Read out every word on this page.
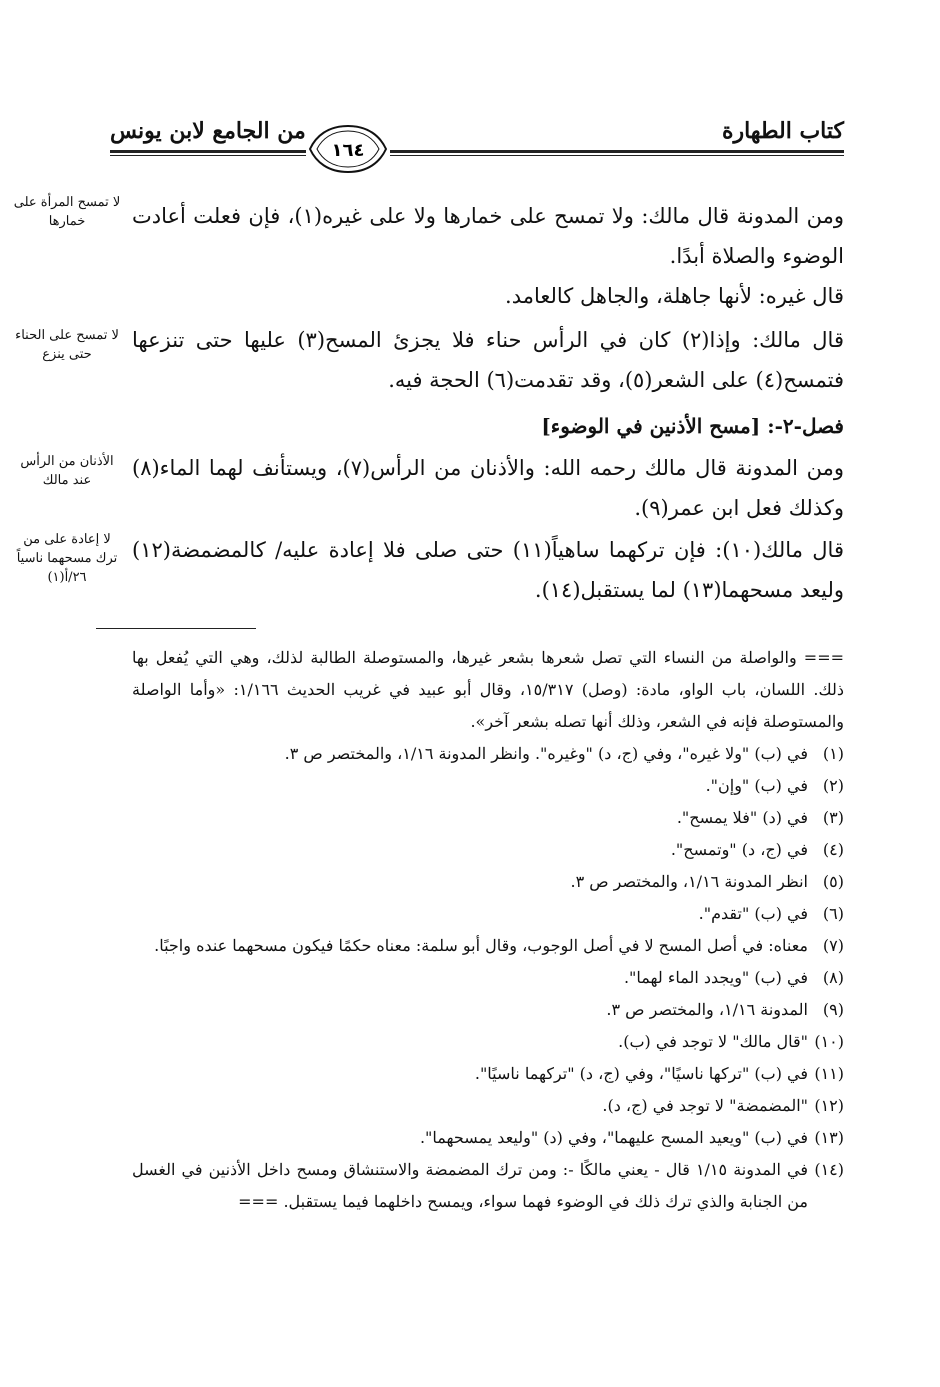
كتاب الطهارة
من الجامع لابن يونس
١٦٤

ومن المدونة قال مالك: ولا تمسح على خمارها ولا على غيره(١)، فإن فعلت أعادت الوضوء والصلاة أبدًا.

قال غيره: لأنها جاهلة، والجاهل كالعامد.

قال مالك: وإذا(٢) كان في الرأس حناء فلا يجزئ المسح(٣) عليها حتى تنزعها فتمسح(٤) على الشعر(٥)، وقد تقدمت(٦) الحجة فيه.

فصل-٢-: [مسح الأذنين في الوضوء]

ومن المدونة قال مالك رحمه الله: والأذنان من الرأس(٧)، ويستأنف لهما الماء(٨) وكذلك فعل ابن عمر(٩).

قال مالك(١٠): فإن تركهما ساهياً(١١) حتى صلى فلا إعادة عليه/ كالمضمضة(١٢) وليعد مسحهما(١٣) لما يستقبل(١٤).

لا تمسح المرأة على خمارها
لا تمسح على الحناء حتى ينزع
الأذنان من الرأس عند مالك
لا إعادة على من ترك مسحهما ناسياً ٢٦/أ(١)
=== والواصلة من النساء التي تصل شعرها بشعر غيرها، والمستوصلة الطالبة لذلك، وهي التي يُفعل بها ذلك. اللسان، باب الواو، مادة: (وصل) ١٥/٣١٧، وقال أبو عبيد في غريب الحديث ١/١٦٦: «وأما الواصلة والمستوصلة فإنه في الشعر، وذلك أنها تصله بشعر آخر».
(١)
في (ب) "ولا غيره"، وفي (ج، د) "وغيره". وانظر المدونة ١/١٦، والمختصر ص ٣.
(٢)
في (ب) "وإن".
(٣)
في (د) "فلا يمسح".
(٤)
في (ج، د) "وتمسح".
(٥)
انظر المدونة ١/١٦، والمختصر ص ٣.
(٦)
في (ب) "تقدم".
(٧)
معناه: في أصل المسح لا في أصل الوجوب، وقال أبو سلمة: معناه حكمًا فيكون مسحهما عنده واجبًا.
(٨)
في (ب) "ويجدد الماء لهما".
(٩)
المدونة ١/١٦، والمختصر ص ٣.
(١٠)
"قال مالك" لا توجد في (ب).
(١١)
في (ب) "تركها ناسيًا"، وفي (ج، د) "تركهما ناسيًا".
(١٢)
"المضمضة" لا توجد في (ج، د).
(١٣)
في (ب) "ويعيد المسح عليهما"، وفي (د) "وليعد يمسحهما".
(١٤)
في المدونة ١/١٥ قال - يعني مالكًا -: ومن ترك المضمضة والاستنشاق ومسح داخل الأذنين في الغسل من الجنابة والذي ترك ذلك في الوضوء فهما سواء، ويمسح داخلهما فيما يستقبل. ===
